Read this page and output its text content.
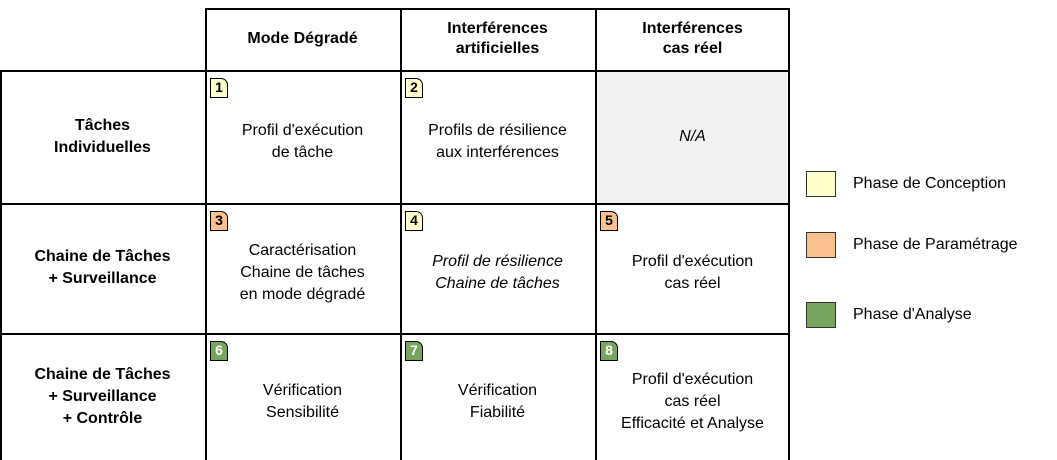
Mode Dégradé
Interférences
artificielles
Interférences
cas réel
Tâches
Individuelles
Profil d'exécution
de tâche
1
Profils de résilience
aux interférences
2
N/A
Chaine de Tâches
+ Surveillance
Caractérisation
Chaine de tâches
en mode dégradé
3
Profil de résilience
Chaine de tâches
4
Profil d'exécution
cas réel
5
Chaine de Tâches
+ Surveillance
+ Contrôle
Vérification
Sensibilité
6
Vérification
Fiabilité
7
Profil d'exécution
cas réel
Efficacité et Analyse
8
Phase de Conception
Phase de Paramétrage
Phase d'Analyse
